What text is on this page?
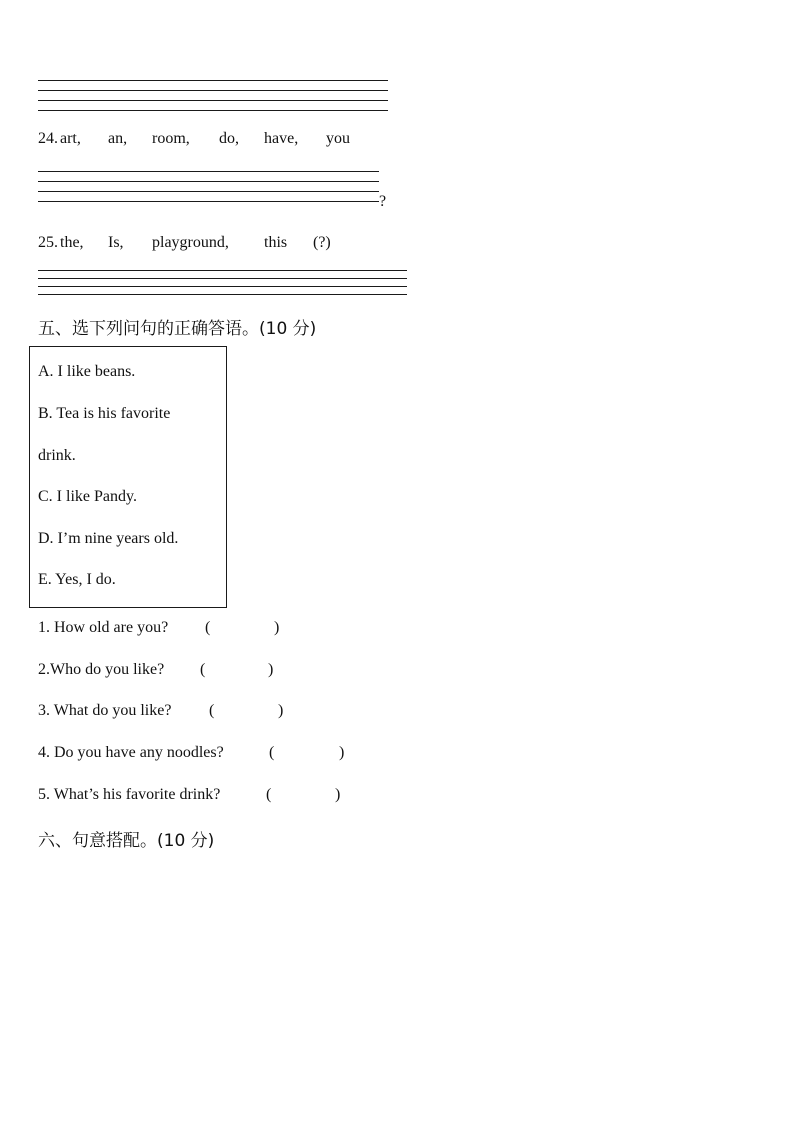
24. art, an, room, do, have, you
?
25. the, Is, playground, this (?)
五、选下列问句的正确答语。(10 分)
A. I like beans.
B. Tea is his favorite
drink.
C. I like Pandy.
D. I’m nine years old.
E. Yes, I do.
1. How old are you? (	)
2.Who do you like? (	)
3. What do you like? (	)
4. Do you have any noodles?	(	)
5. What’s his favorite drink?	(	)
六、句意搭配。(10 分)
